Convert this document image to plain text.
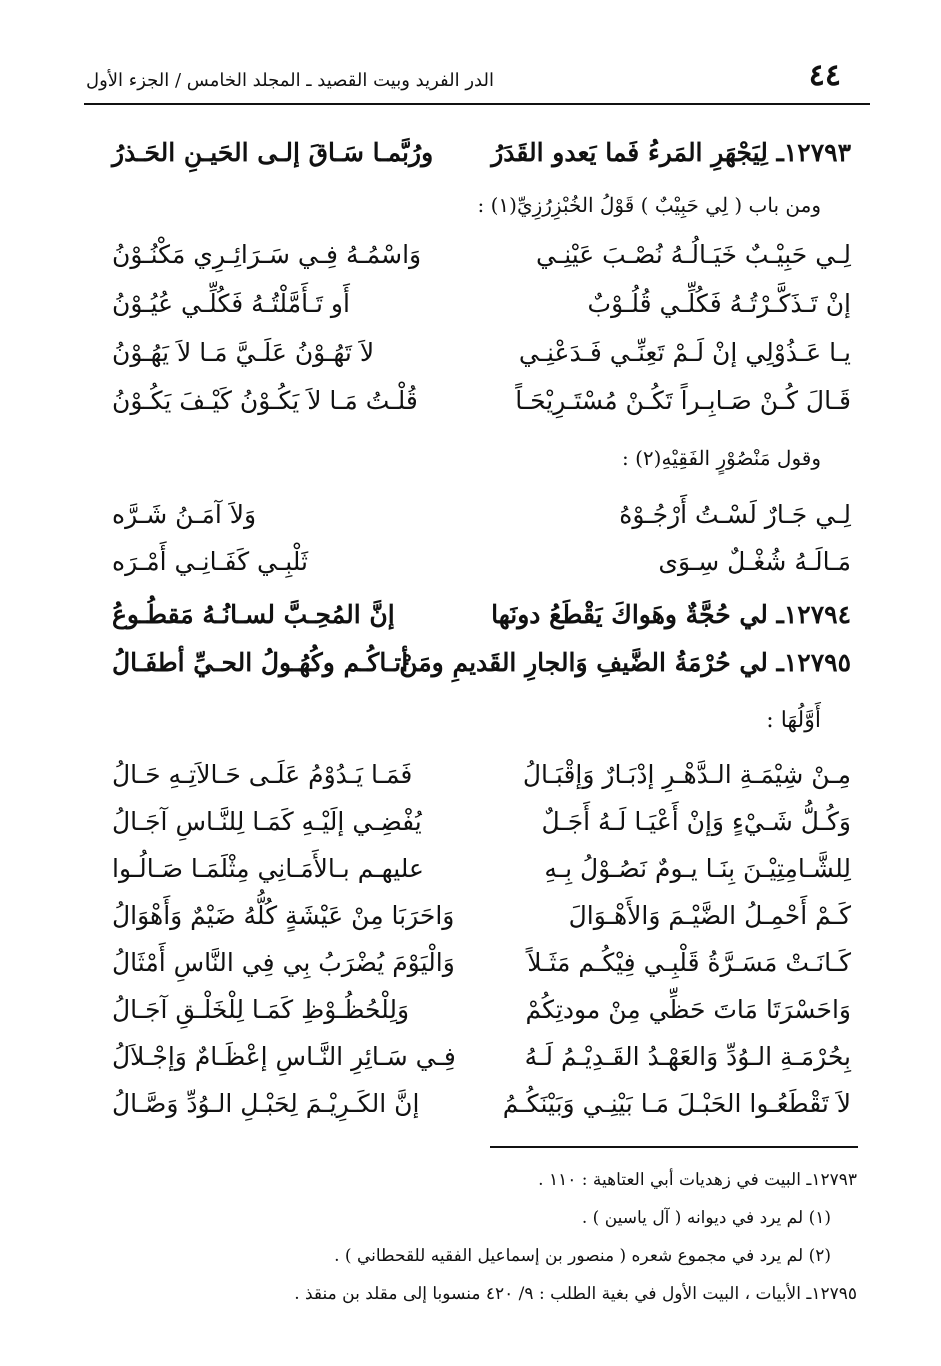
٤٤
الدر الفريد وبيت القصيد ـ المجلد الخامس / الجزء الأول
١٢٧٩٣ـ لِيَجْهَرِ المَرءُ فَما يَعدو القَدَرُ
ورُبَّمـا سَـاقَ إلـى الحَيـنِ الحَـذرُ
ومن باب ( لِي حَبِيْبٌ ) قَوْلُ الخُبْزِرُزِيِّ(١) :
لِـي حَبِيْـبٌ خَيَـالُـهُ نُصْـبَ عَيْنِـي
وَاسْمُـهُ فِـي سَـرَائِـرِي مَكْنُـوْنُ
إنْ تَـذَكَّـرْتُـهُ فَكُلِّـي قُلُـوْبٌ
أَو تَـأَمَّلْتُـهُ فَكُلِّـي عُيُـوْنُ
يـا عَـذُوْلِي إنْ لَـمْ تَعِنِّـي فَـدَعْنِـي
لاَ تَهُـوْنُ عَلَـيَّ مَـا لاَ يَهُـوْنُ
قَـالَ كُـنْ صَـابِـراً تَكُـنْ مُسْتَـرِيْحَـاً
قُلْـتُ مَـا لاَ يَكُـوْنُ كَيْـفَ يَكُـوْنُ
وقول مَنْصُوْرٍ الفَقِيْهِ(٢) :
لِـي جَـارٌ لَسْـتُ أَرْجُـوْهُ
وَلاَ آمَـنُ شَـرَّه
مَـالَـهُ شُغْـلٌ سِـوَى
ثَلْبِـي كَفَـانِـي أَمْـرَه
١٢٧٩٤ـ لي حُجَّةٌ وهَواكَ يَقْطَعُ دونَها
إنَّ المُحِـبَّ لسـانُـهُ مَقطُـوعُ
١٢٧٩٥ـ لي حُرْمَةُ الضَّيفِ وَالجارِ القَديمِ ومَنْ
أتـاكُـم وكُهُـولُ الحـيِّ أطفَـالُ
أَوَّلُهَا :
مِـنْ شِيْمَـةِ الـدَّهْـرِ إدْبَـارٌ وَإقْبَـالُ
فَمَـا يَـدُوْمُ عَلَـى حَـالاَتِـهِ حَـالُ
وَكُـلُّ شَـيْءٍ وَإنْ أَعْيَـا لَـهُ أَجَـلٌ
يُفْضِـي إلَيْـهِ كَمَـا لِلنَّـاسِ آجَـالُ
لِلشَّـامِتِيْـنَ بِنَـا يـومٌ نَصُـوْلُ بِـهِ
عليهـم بـالأَمَـانِي مِثْلَمَـا صَـالُـوا
كَـمْ أَحْمِـلُ الضَّيْـمَ وَالأَهْـوَالَ
وَاحَرَبَا مِنْ عَيْشَةٍ كُلُّهُ ضَيْمٌ وَأَهْوَالُ
كَـانَـتْ مَسَـرَّةُ قَلْبِـي فِيْكُـم مَثَـلاً
وَالْيَوْمَ يُضْرَبُ بِي فِي النَّاسِ أَمْثَالُ
وَاحَسْرَتَا مَاتَ حَظِّي مِنْ مودتِكُمْ
وَلِلْحُظُـوْظِ كَمَـا لِلْخَلْـقِ آجَـالُ
بِحُرْمَـةِ الـوُدِّ وَالعَهْـدُ القَـدِيْـمُ لَـهُ
فِـي سَـائِرِ النَّـاسِ إعْظَـامٌ وَإجْـلاَلُ
لاَ تَقْطَعُـوا الحَبْـلَ مَـا بَيْنِـي وَبَيْنَكُـمُ
إنَّ الكَـرِيْـمَ لِحَبْـلِ الـوُدِّ وَصَّـالُ
١٢٧٩٣ـ البيت في زهديات أبي العتاهية : ١١٠ .
(١) لم يرد في ديوانه ( آل ياسين ) .
(٢) لم يرد في مجموع شعره ( منصور بن إسماعيل الفقيه للقحطاني ) .
١٢٧٩٥ـ الأبيات ، البيت الأول في بغية الطلب : ٩/ ٤٢٠ منسوبا إلى مقلد بن منقذ .
